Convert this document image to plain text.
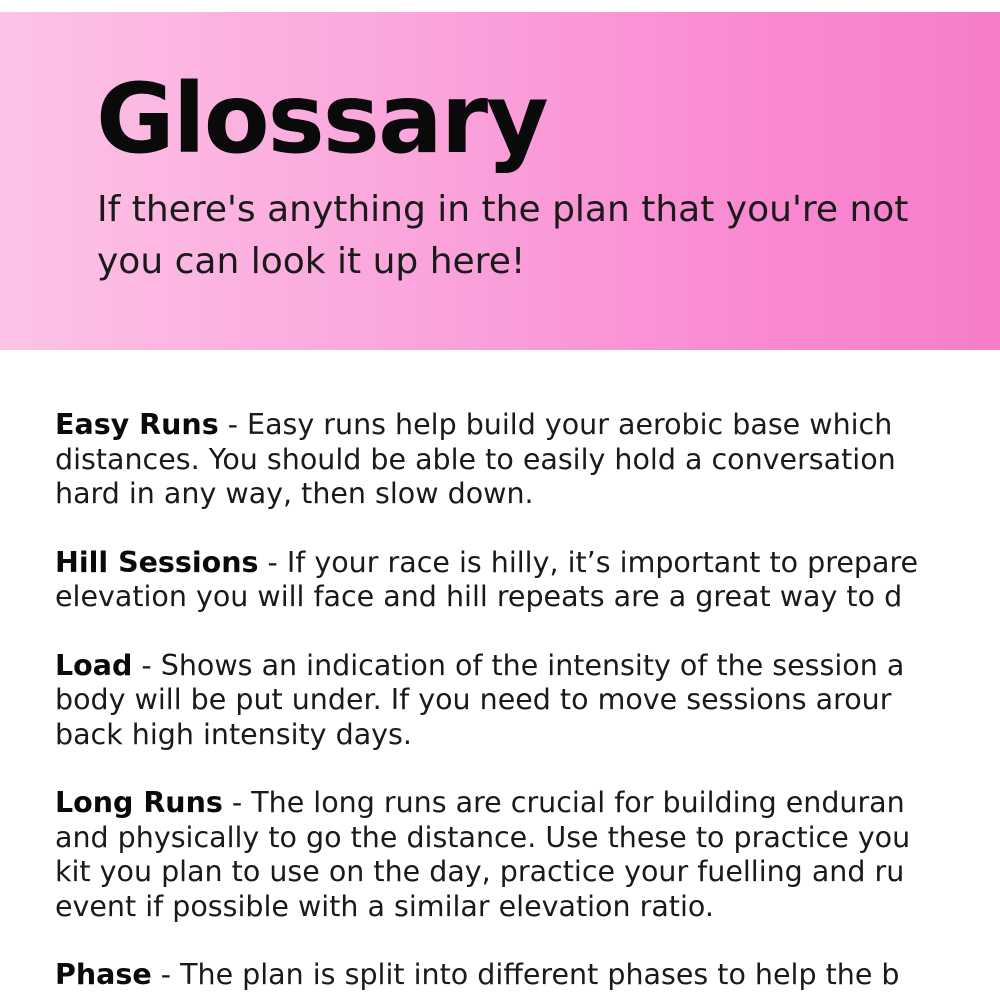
Glossary

If there's anything in the plan that you're not
you can look it up here!

Easy Runs - Easy runs help build your aerobic base which
distances. You should be able to easily hold a conversation
hard in any way, then slow down.

Hill Sessions - If your race is hilly, it’s important to prepare
elevation you will face and hill repeats are a great way to d

Load - Shows an indication of the intensity of the session a
body will be put under. If you need to move sessions arour
back high intensity days.

Long Runs - The long runs are crucial for building enduran
and physically to go the distance. Use these to practice you
kit you plan to use on the day, practice your fuelling and ru
event if possible with a similar elevation ratio.

Phase - The plan is split into different phases to help the b
